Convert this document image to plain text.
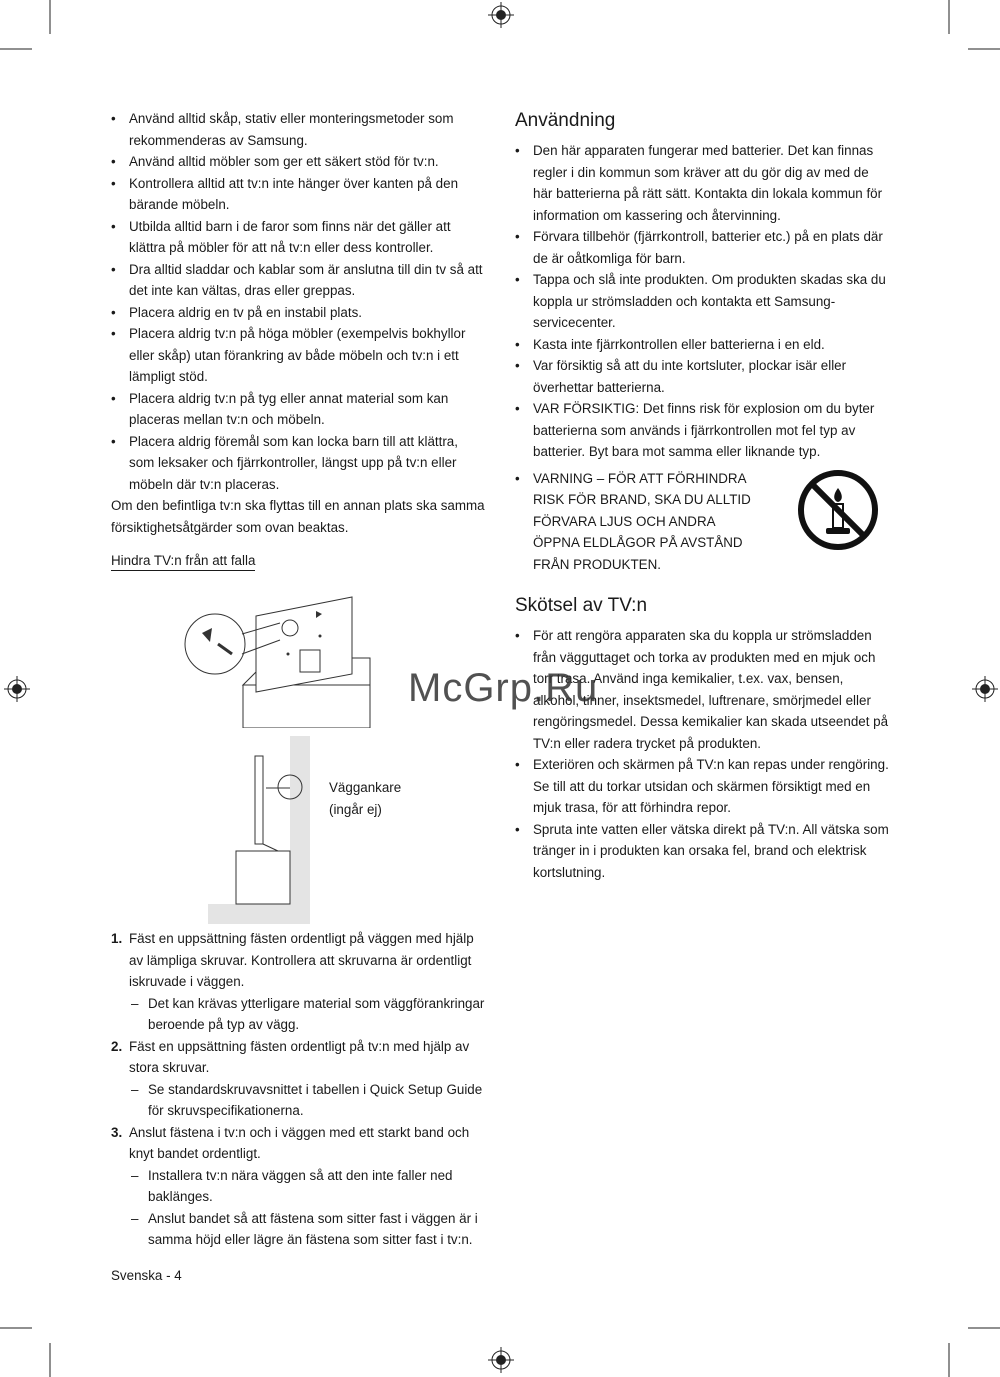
• Använd alltid skåp, stativ eller monteringsmetoder som rekommenderas av Samsung.
• Använd alltid möbler som ger ett säkert stöd för tv:n.
• Kontrollera alltid att tv:n inte hänger över kanten på den bärande möbeln.
• Utbilda alltid barn i de faror som finns när det gäller att klättra på möbler för att nå tv:n eller dess kontroller.
• Dra alltid sladdar och kablar som är anslutna till din tv så att det inte kan vältas, dras eller greppas.
• Placera aldrig en tv på en instabil plats.
• Placera aldrig tv:n på höga möbler (exempelvis bokhyllor eller skåp) utan förankring av både möbeln och tv:n i ett lämpligt stöd.
• Placera aldrig tv:n på tyg eller annat material som kan placeras mellan tv:n och möbeln.
• Placera aldrig föremål som kan locka barn till att klättra, som leksaker och fjärrkontroller, längst upp på tv:n eller möbeln där tv:n placeras.

Om den befintliga tv:n ska flyttas till en annan plats ska samma försiktighetsåtgärder som ovan beaktas.

Hindra TV:n från att falla
Väggankare
(ingår ej)
1. Fäst en uppsättning fästen ordentligt på väggen med hjälp av lämpliga skruvar. Kontrollera att skruvarna är ordentligt iskruvade i väggen.
– Det kan krävas ytterligare material som väggförankringar beroende på typ av vägg.
2. Fäst en uppsättning fästen ordentligt på tv:n med hjälp av stora skruvar.
– Se standardskruvavsnittet i tabellen i Quick Setup Guide för skruvspecifikationerna.
3. Anslut fästena i tv:n och i väggen med ett starkt band och knyt bandet ordentligt.
– Installera tv:n nära väggen så att den inte faller ned baklänges.
– Anslut bandet så att fästena som sitter fast i väggen är i samma höjd eller lägre än fästena som sitter fast i tv:n.
Användning
• Den här apparaten fungerar med batterier. Det kan finnas regler i din kommun som kräver att du gör dig av med de här batterierna på rätt sätt. Kontakta din lokala kommun för information om kassering och återvinning.
• Förvara tillbehör (fjärrkontroll, batterier etc.) på en plats där de är oåtkomliga för barn.
• Tappa och slå inte produkten. Om produkten skadas ska du koppla ur strömsladden och kontakta ett Samsung-servicecenter.
• Kasta inte fjärrkontrollen eller batterierna i en eld.
• Var försiktig så att du inte kortsluter, plockar isär eller överhettar batterierna.
• VAR FÖRSIKTIG: Det finns risk för explosion om du byter batterierna som används i fjärrkontrollen mot fel typ av batterier. Byt bara mot samma eller liknande typ.
• VARNING – FÖR ATT FÖRHINDRA RISK FÖR BRAND, SKA DU ALLTID FÖRVARA LJUS OCH ANDRA ÖPPNA ELDLÅGOR PÅ AVSTÅND FRÅN PRODUKTEN.
Skötsel av TV:n
• För att rengöra apparaten ska du koppla ur strömsladden från vägguttaget och torka av produkten med en mjuk och torr trasa. Använd inga kemikalier, t.ex. vax, bensen, alkohol, tinner, insektsmedel, luftrenare, smörjmedel eller rengöringsmedel. Dessa kemikalier kan skada utseendet på TV:n eller radera trycket på produkten.
• Exteriören och skärmen på TV:n kan repas under rengöring. Se till att du torkar utsidan och skärmen försiktigt med en mjuk trasa, för att förhindra repor.
• Spruta inte vatten eller vätska direkt på TV:n. All vätska som tränger in i produkten kan orsaka fel, brand och elektrisk kortslutning.
McGrp.Ru
Svenska - 4
